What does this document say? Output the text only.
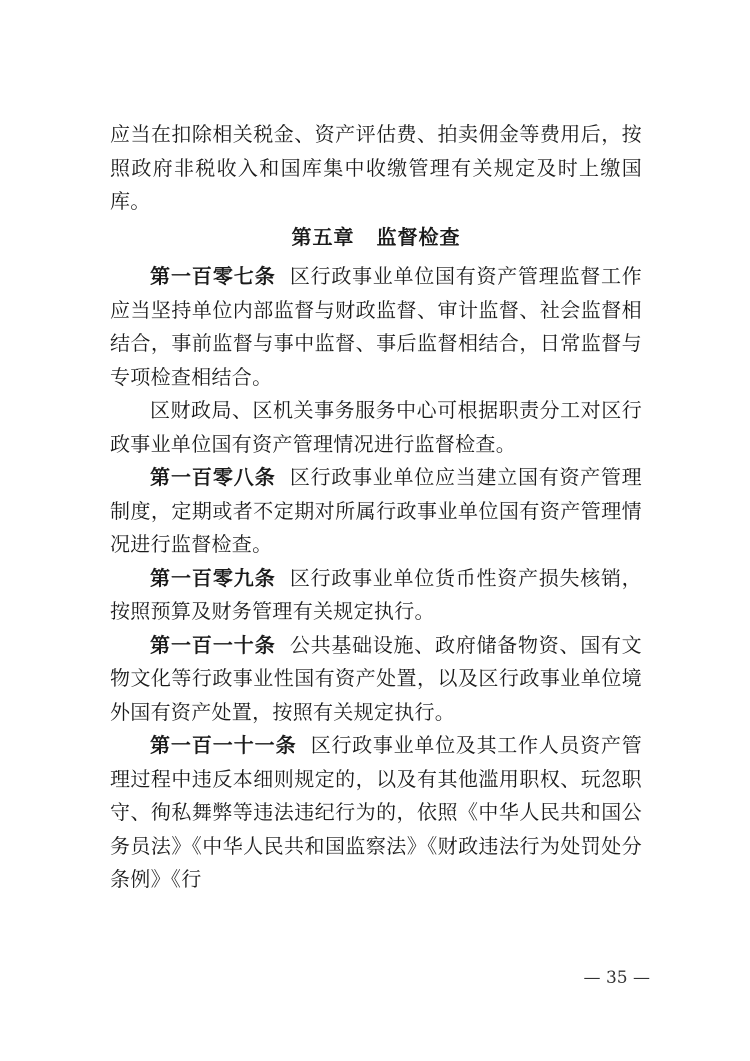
应当在扣除相关税金、资产评估费、拍卖佣金等费用后，按照政府非税收入和国库集中收缴管理有关规定及时上缴国库。

第五章 监督检查

第一百零七条 区行政事业单位国有资产管理监督工作应当坚持单位内部监督与财政监督、审计监督、社会监督相结合，事前监督与事中监督、事后监督相结合，日常监督与专项检查相结合。

区财政局、区机关事务服务中心可根据职责分工对区行政事业单位国有资产管理情况进行监督检查。

第一百零八条 区行政事业单位应当建立国有资产管理制度，定期或者不定期对所属行政事业单位国有资产管理情况进行监督检查。

第一百零九条 区行政事业单位货币性资产损失核销，按照预算及财务管理有关规定执行。

第一百一十条 公共基础设施、政府储备物资、国有文物文化等行政事业性国有资产处置，以及区行政事业单位境外国有资产处置，按照有关规定执行。

第一百一十一条 区行政事业单位及其工作人员资产管理过程中违反本细则规定的，以及有其他滥用职权、玩忽职守、徇私舞弊等违法违纪行为的，依照《中华人民共和国公务员法》《中华人民共和国监察法》《财政违法行为处罚处分条例》《行

— 35 —
